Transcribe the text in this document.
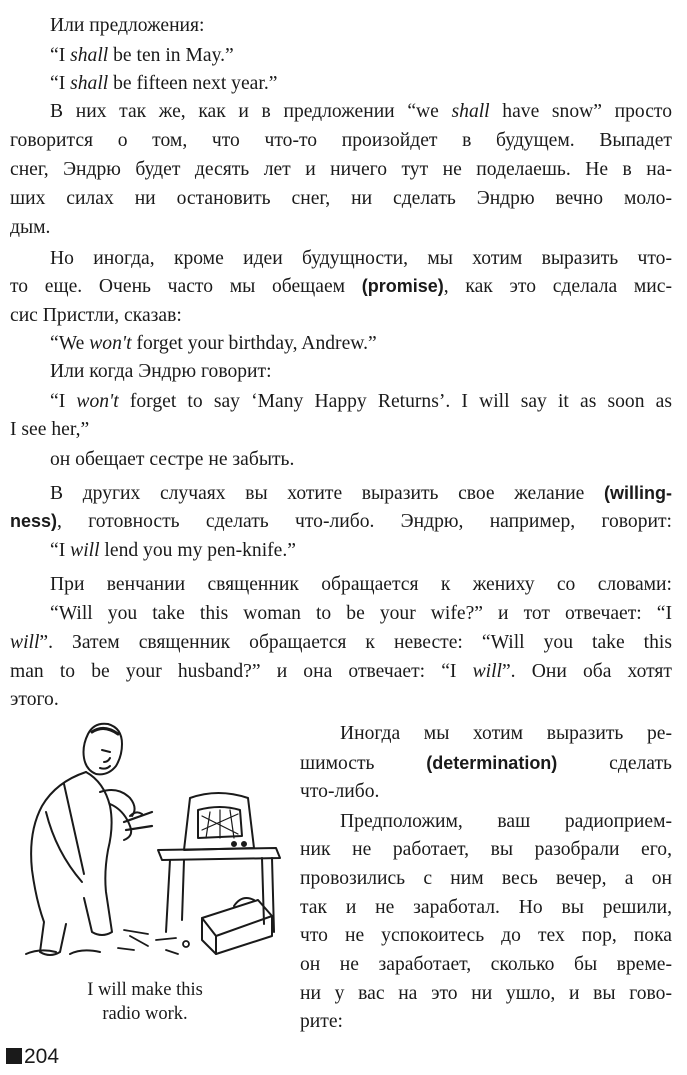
Или предложения:
“I shall be ten in May.”
“I shall be fifteen next year.”
В них так же, как и в предложении “we shall have snow” просто
говорится о том, что что-то произойдет в будущем. Выпадет
снег, Эндрю будет десять лет и ничего тут не поделаешь. Не в на-
ших силах ни остановить снег, ни сделать Эндрю вечно моло-
дым.
Но иногда, кроме идеи будущности, мы хотим выразить что-
то еще. Очень часто мы обещаем (promise), как это сделала мис-
сис Пристли, сказав:
“We won't forget your birthday, Andrew.”
Или когда Эндрю говорит:
“I won't forget to say ‘Many Happy Returns’. I will say it as soon as
I see her,”
он обещает сестре не забыть.
В других случаях вы хотите выразить свое желание (willing-
ness), готовность сделать что-либо. Эндрю, например, говорит:
“I will lend you my pen-knife.”
При венчании священник обращается к жениху со словами:
“Will you take this woman to be your wife?” и тот отвечает: “I
will”. Затем священник обращается к невесте: “Will you take this
man to be your husband?” и она отвечает: “I will”. Они оба хотят
этого.
Иногда мы хотим выразить ре-
шимость (determination) сделать
что-либо.
Предположим, ваш радиоприем-
ник не работает, вы разобрали его,
провозились с ним весь вечер, а он
так и не заработал. Но вы решили,
что не успокоитесь до тех пор, пока
он не заработает, сколько бы време-
ни у вас на это ни ушло, и вы гово-
рите:
I will make this
radio work.
204
